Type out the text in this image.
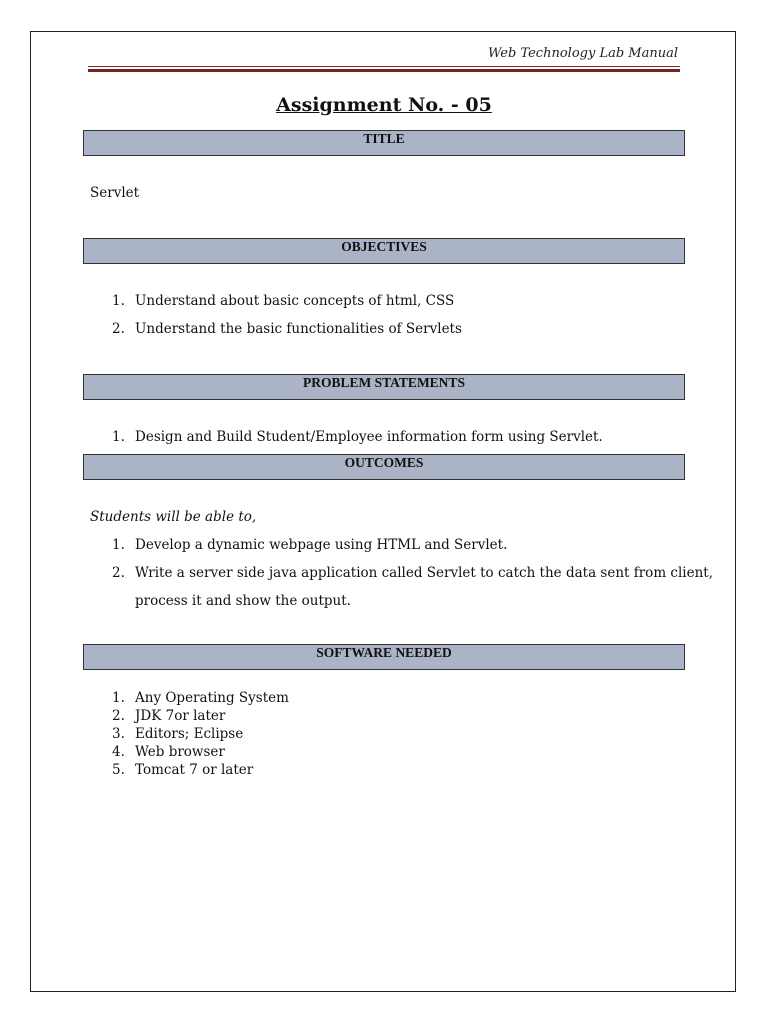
Web Technology Lab Manual
Assignment No. - 05
TITLE
Servlet
OBJECTIVES
1. Understand about basic concepts of html, CSS
2. Understand the basic functionalities of Servlets
PROBLEM STATEMENTS
1. Design and Build Student/Employee information form using Servlet.
OUTCOMES
Students will be able to,
1. Develop a dynamic webpage using HTML and Servlet.
2. Write a server side java application called Servlet to catch the data sent from client,
process it and show the output.
SOFTWARE NEEDED
1. Any Operating System
2. JDK 7or later
3. Editors; Eclipse
4. Web browser
5. Tomcat 7 or later
